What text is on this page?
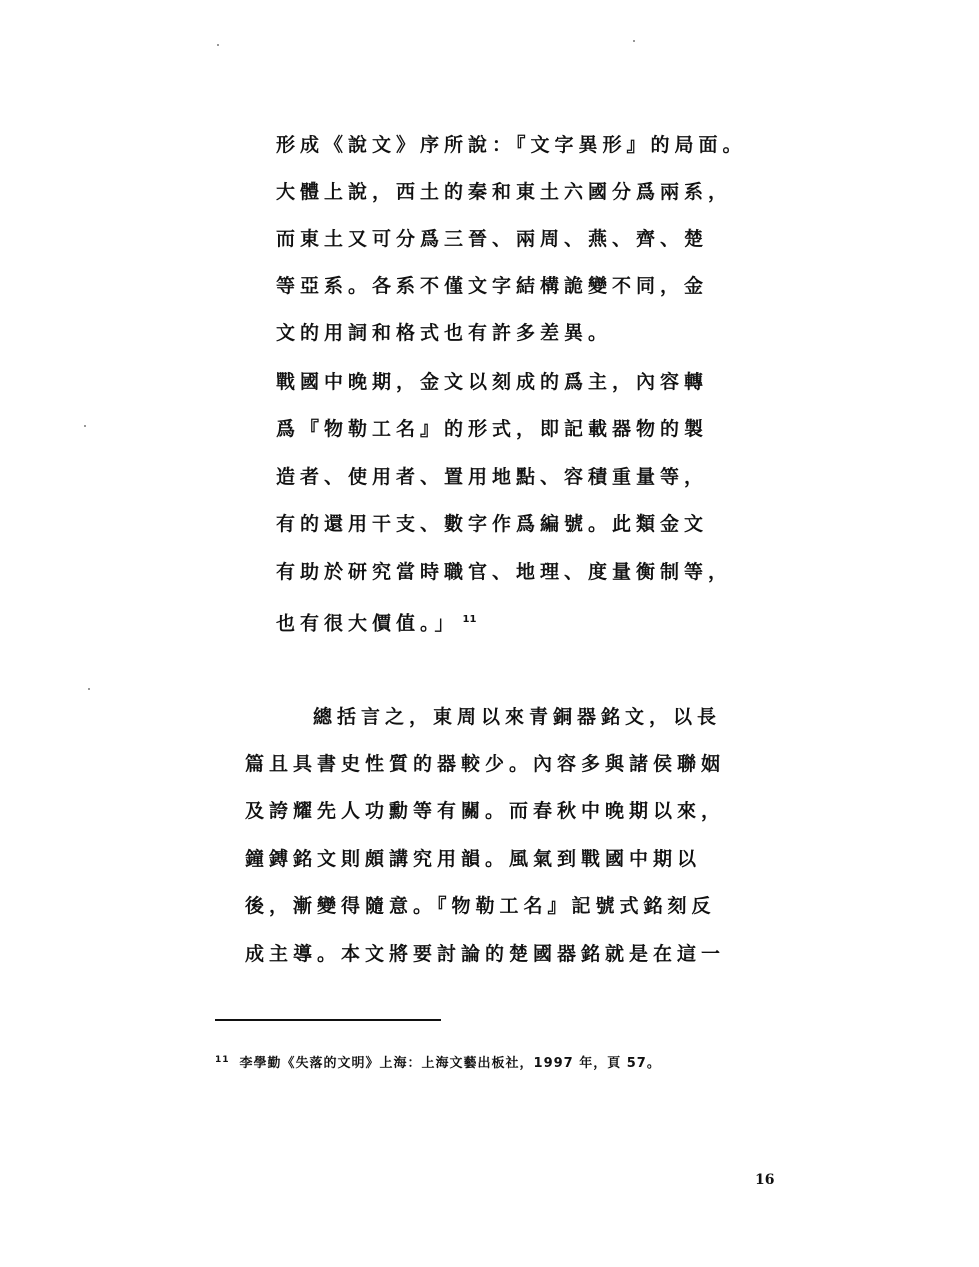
形成《說文》序所說：『文字異形』的局面。
大體上說，西土的秦和東土六國分爲兩系，
而東土又可分爲三晉、兩周、燕、齊、楚
等亞系。各系不僅文字結構詭變不同，金
文的用詞和格式也有許多差異。
戰國中晚期，金文以刻成的爲主，內容轉
爲『物勒工名』的形式，即記載器物的製
造者、使用者、置用地點、容積重量等，
有的還用干支、數字作爲編號。此類金文
有助於研究當時職官、地理、度量衡制等，
也有很大價值。」 $^{11}$
總括言之，東周以來青銅器銘文，以長
篇且具書史性質的器較少。內容多與諸侯聯姻
及誇耀先人功勳等有關。而春秋中晚期以來，
鐘鎛銘文則頗講究用韻。風氣到戰國中期以
後，漸變得隨意。『物勒工名』記號式銘刻反
成主導。本文將要討論的楚國器銘就是在這一
$^{11}$ 李學勤《失落的文明》上海：上海文藝出板社，1997 年，頁 57。
16
